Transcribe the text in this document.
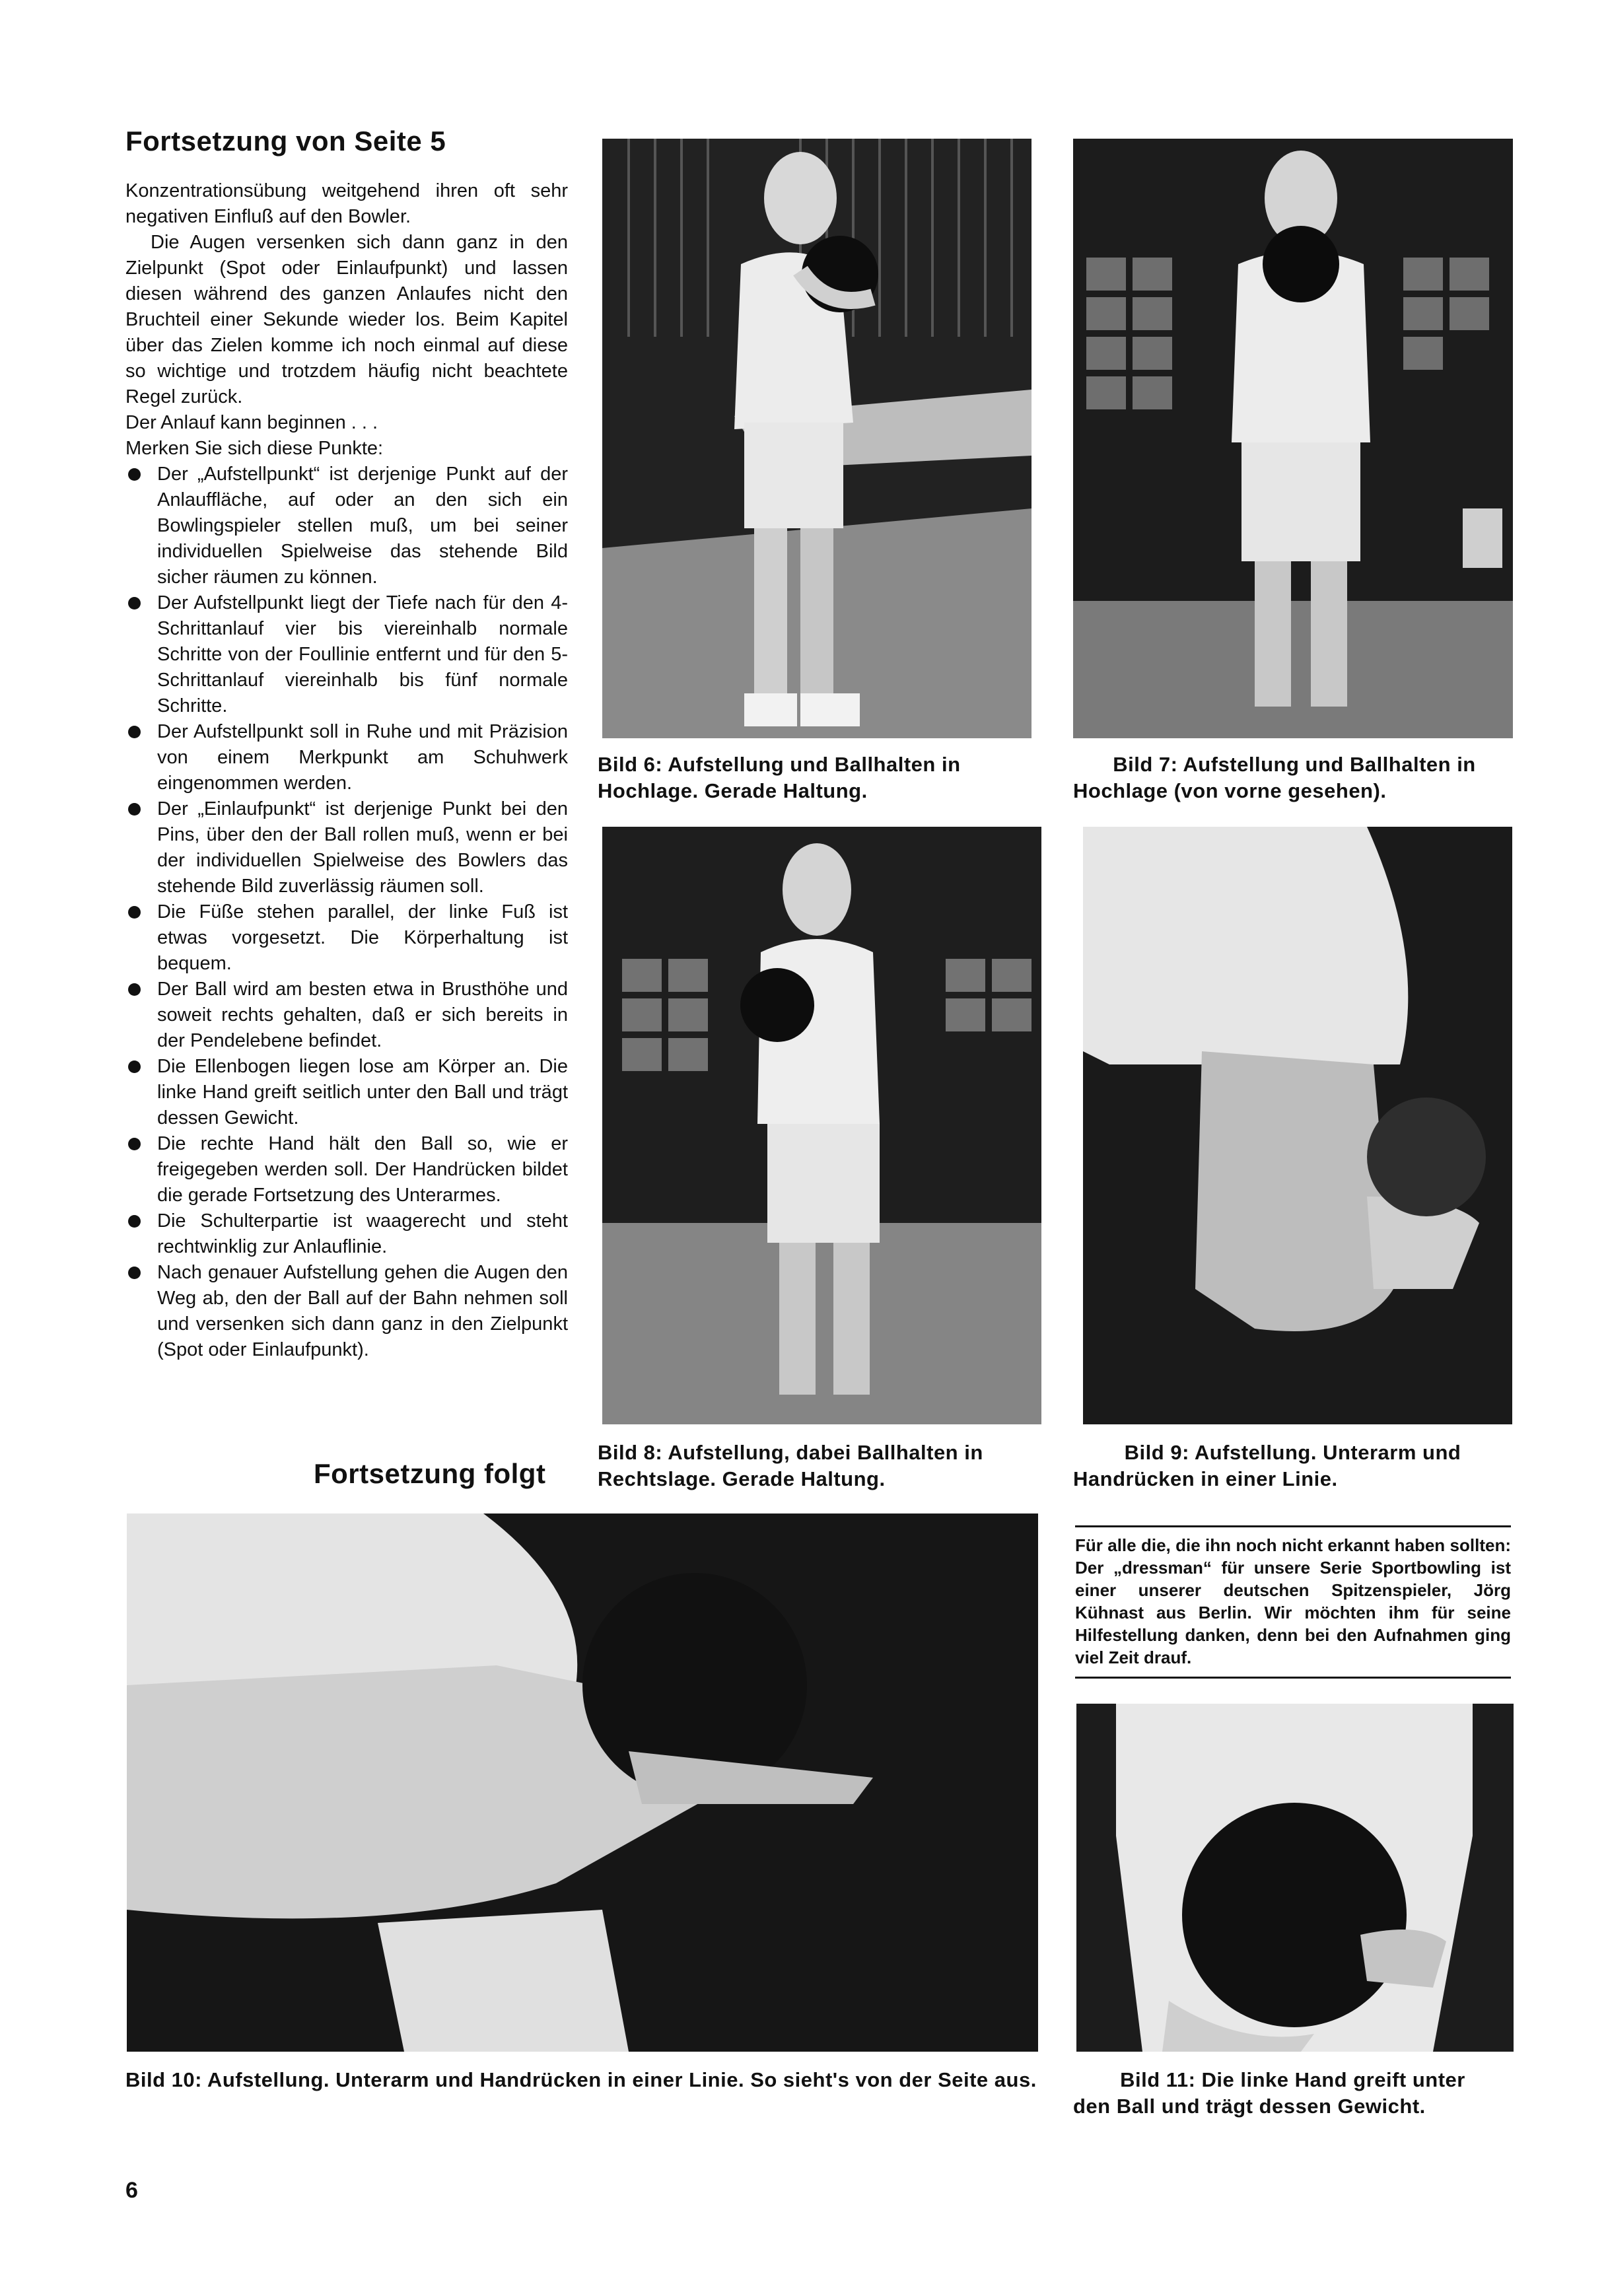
Fortsetzung von Seite 5

Konzentrationsübung weitgehend ihren oft sehr negativen Einfluß auf den Bowler.

Die Augen versenken sich dann ganz in den Zielpunkt (Spot oder Einlaufpunkt) und lassen diesen während des ganzen Anlaufes nicht den Bruchteil einer Sekunde wieder los. Beim Kapitel über das Zielen komme ich noch einmal auf diese so wichtige und trotzdem häufig nicht beachtete Regel zurück.

Der Anlauf kann beginnen . . .

Merken Sie sich diese Punkte:

Der „Aufstellpunkt“ ist derjenige Punkt auf der Anlauffläche, auf oder an den sich ein Bowlingspieler stellen muß, um bei seiner individuellen Spielweise das stehende Bild sicher räumen zu können.
Der Aufstellpunkt liegt der Tiefe nach für den 4-Schrittanlauf vier bis viereinhalb normale Schritte von der Foullinie entfernt und für den 5-Schrittanlauf viereinhalb bis fünf normale Schritte.
Der Aufstellpunkt soll in Ruhe und mit Präzision von einem Merkpunkt am Schuhwerk eingenommen werden.
Der „Einlaufpunkt“ ist derjenige Punkt bei den Pins, über den der Ball rollen muß, wenn er bei der individuellen Spielweise des Bowlers das stehende Bild zuverlässig räumen soll.
Die Füße stehen parallel, der linke Fuß ist etwas vorgesetzt. Die Körperhaltung ist bequem.
Der Ball wird am besten etwa in Brusthöhe und soweit rechts gehalten, daß er sich bereits in der Pendelebene befindet.
Die Ellenbogen liegen lose am Körper an. Die linke Hand greift seitlich unter den Ball und trägt dessen Gewicht.
Die rechte Hand hält den Ball so, wie er freigegeben werden soll. Der Handrücken bildet die gerade Fortsetzung des Unterarmes.
Die Schulterpartie ist waagerecht und steht rechtwinklig zur Anlauflinie.
Nach genauer Aufstellung gehen die Augen den Weg ab, den der Ball auf der Bahn nehmen soll und versenken sich dann ganz in den Zielpunkt (Spot oder Einlaufpunkt).
Fortsetzung folgt
Bild 6: Aufstellung und Ballhalten in Hochlage. Gerade Haltung.
Bild 7: Aufstellung und Ballhalten in
Hochlage (von vorne gesehen).
Bild 8: Aufstellung, dabei Ballhalten in Rechtslage. Gerade Haltung.
Bild 9: Aufstellung. Unterarm und
Handrücken in einer Linie.
Für alle die, die ihn noch nicht erkannt haben sollten: Der „dressman“ für unsere Serie Sportbowling ist einer unserer deutschen Spitzenspieler, Jörg Kühnast aus Berlin. Wir möchten ihm für seine Hilfestellung danken, denn bei den Aufnahmen ging viel Zeit drauf.
Bild 10: Aufstellung. Unterarm und Handrücken in einer Linie. So sieht's von der Seite aus.	Bild 11: Die linke Hand greift unter
den Ball und trägt dessen Gewicht.
6
